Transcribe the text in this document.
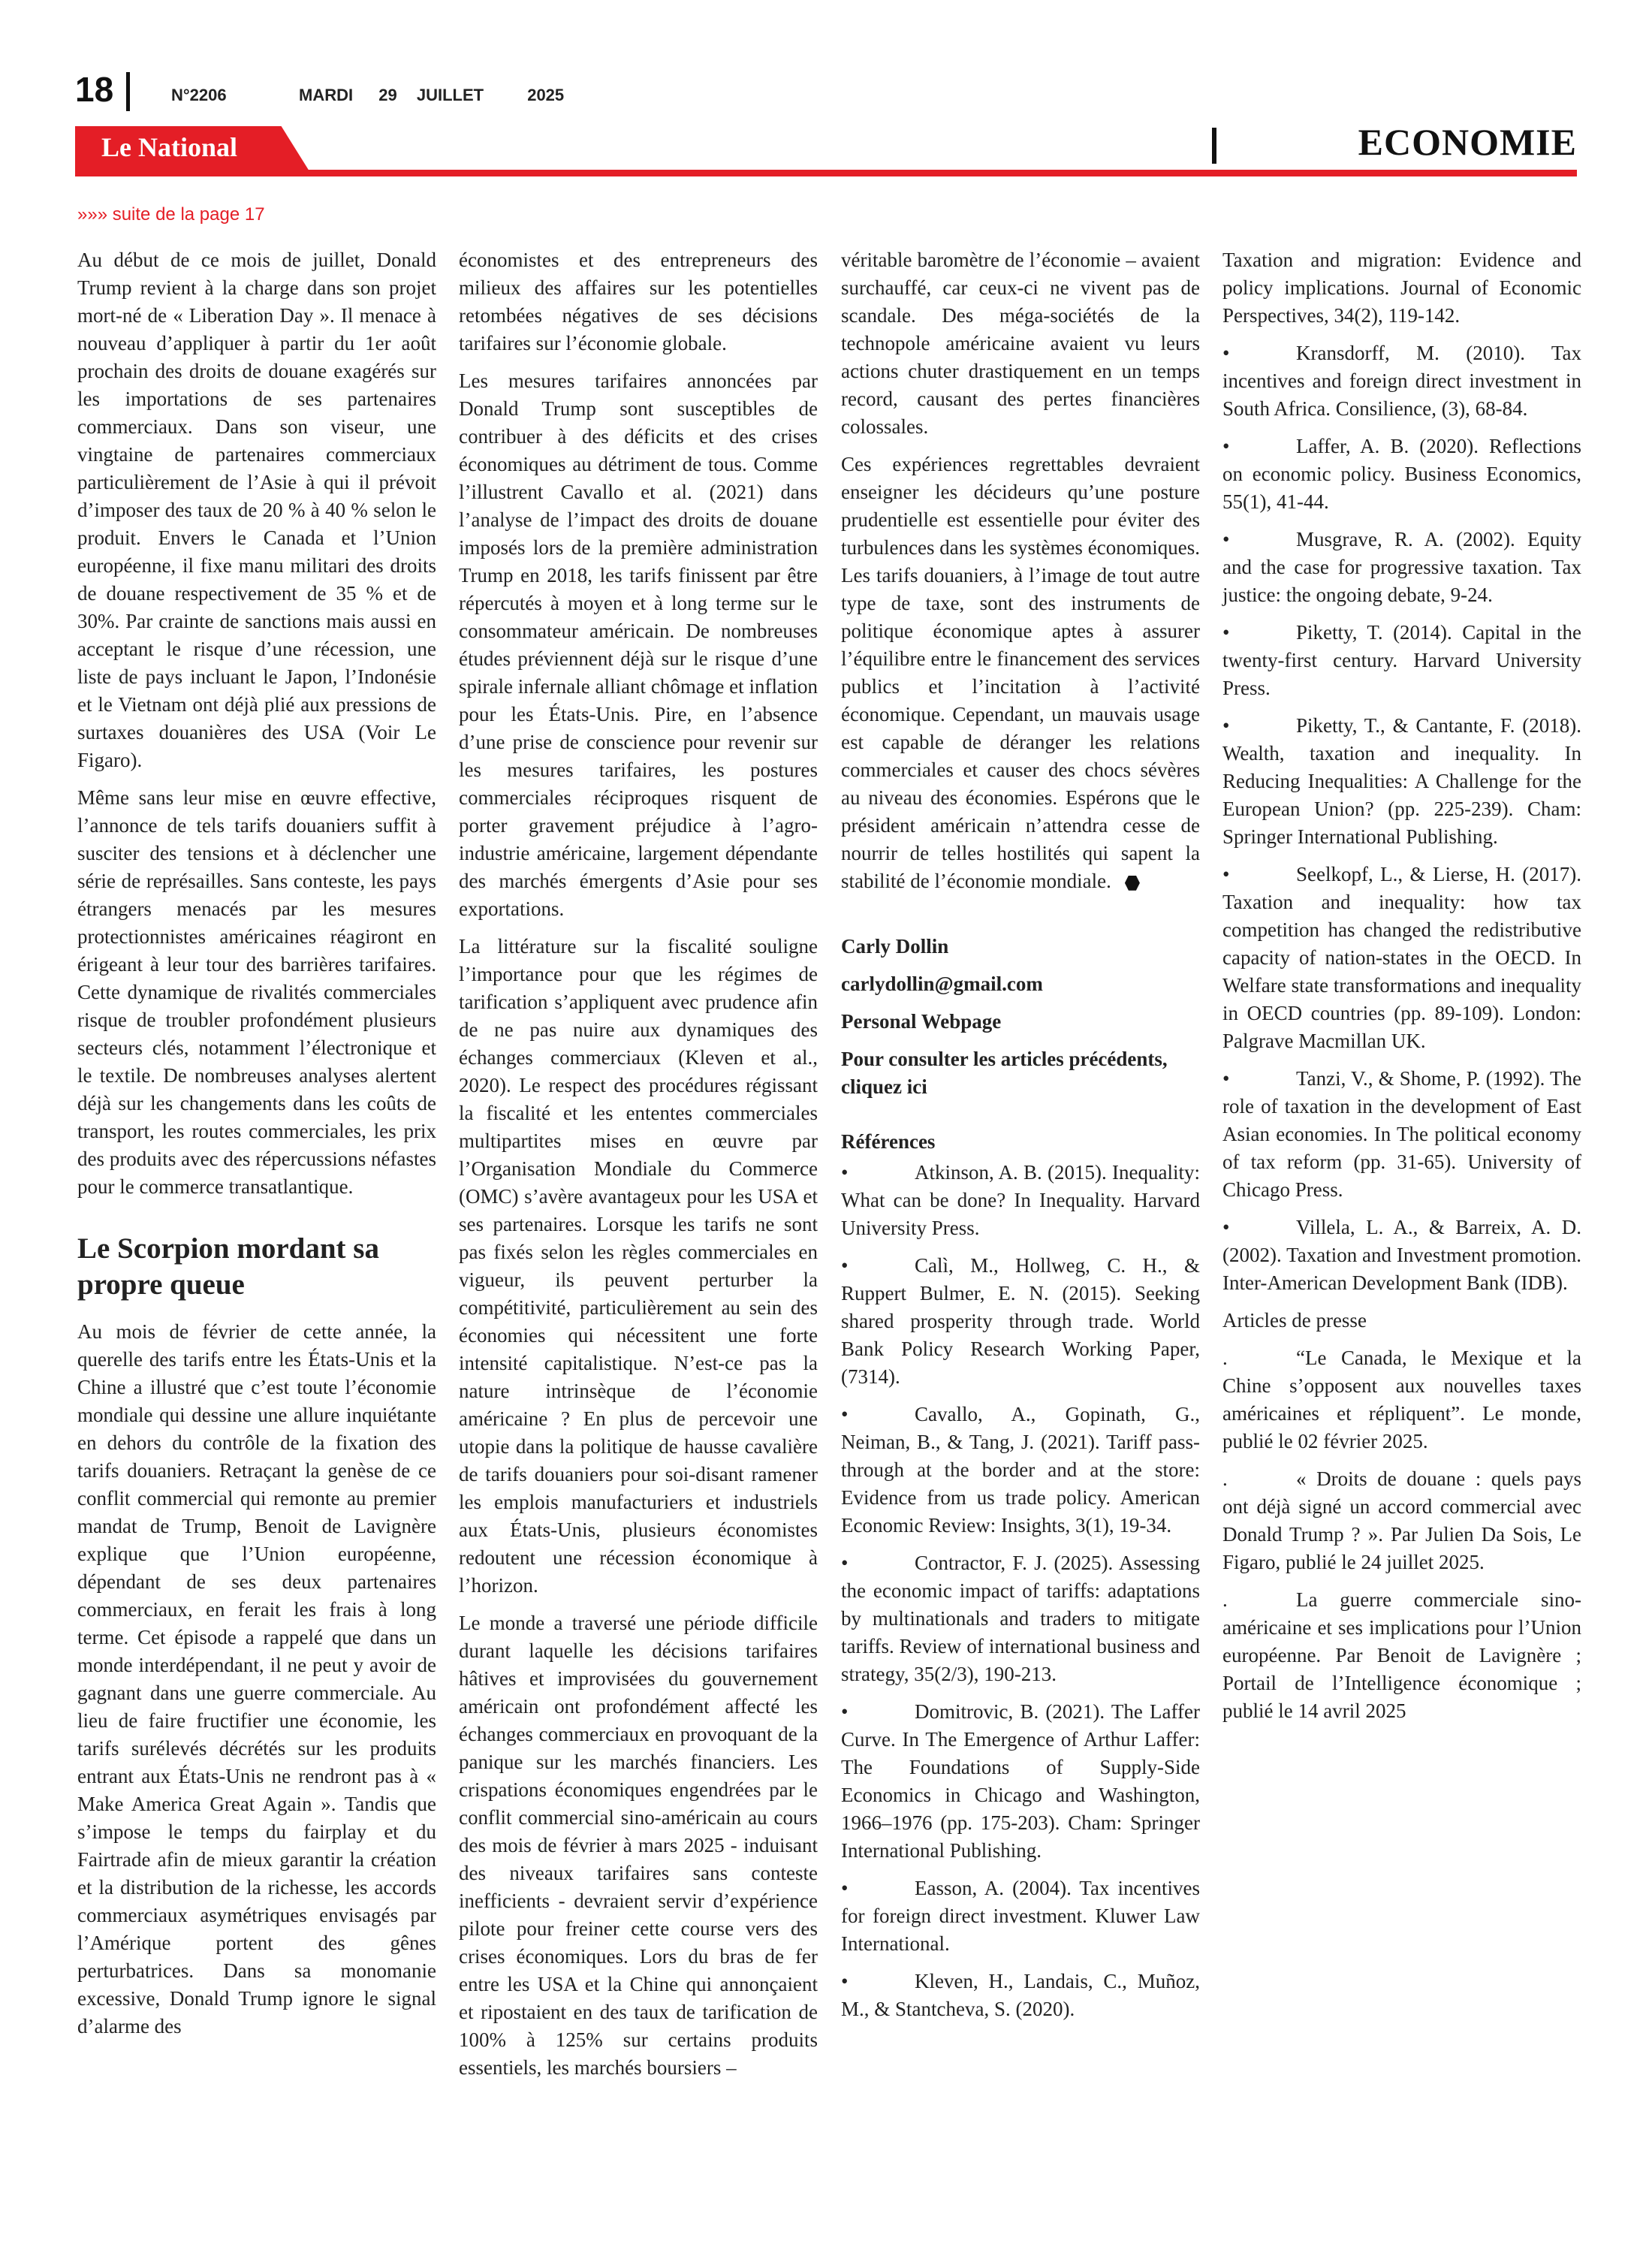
18	N°2206	MARDI 29 JUILLET	2025
Le National	ECONOMIE
»»» suite de la page 17

Au début de ce mois de juillet, Donald Trump revient à la charge dans son projet mort-né de « Liberation Day ». Il menace à nouveau d’appliquer à partir du 1er août prochain des droits de douane exagérés sur les importations de ses partenaires commerciaux. Dans son viseur, une vingtaine de partenaires commerciaux particulièrement de l’Asie à qui il prévoit d’imposer des taux de 20 % à 40 % selon le produit. Envers le Canada et l’Union européenne, il fixe manu militari des droits de douane respectivement de 35 % et de 30%. Par crainte de sanctions mais aussi en acceptant le risque d’une récession, une liste de pays incluant le Japon, l’Indonésie et le Vietnam ont déjà plié aux pressions de surtaxes douanières des USA (Voir Le Figaro).

Même sans leur mise en œuvre effective, l’annonce de tels tarifs douaniers suffit à susciter des tensions et à déclencher une série de représailles. Sans conteste, les pays étrangers menacés par les mesures protectionnistes américaines réagiront en érigeant à leur tour des barrières tarifaires. Cette dynamique de rivalités commerciales risque de troubler profondément plusieurs secteurs clés, notamment l’électronique et le textile. De nombreuses analyses alertent déjà sur les changements dans les coûts de transport, les routes commerciales, les prix des produits avec des répercussions néfastes pour le commerce transatlantique.

Le Scorpion mordant sa propre queue

Au mois de février de cette année, la querelle des tarifs entre les États-Unis et la Chine a illustré que c’est toute l’économie mondiale qui dessine une allure inquiétante en dehors du contrôle de la fixation des tarifs douaniers. Retraçant la genèse de ce conflit commercial qui remonte au premier mandat de Trump, Benoit de Lavignère explique que l’Union européenne, dépendant de ses deux partenaires commerciaux, en ferait les frais à long terme. Cet épisode a rappelé que dans un monde interdépendant, il ne peut y avoir de gagnant dans une guerre commerciale. Au lieu de faire fructifier une économie, les tarifs surélevés décrétés sur les produits entrant aux États-Unis ne rendront pas à « Make America Great Again ». Tandis que s’impose le temps du fairplay et du Fairtrade afin de mieux garantir la création et la distribution de la richesse, les accords commerciaux asymétriques envisagés par l’Amérique portent des gênes perturbatrices. Dans sa monomanie excessive, Donald Trump ignore le signal d’alarme des

économistes et des entrepreneurs des milieux des affaires sur les potentielles retombées négatives de ses décisions tarifaires sur l’économie globale.

Les mesures tarifaires annoncées par Donald Trump sont susceptibles de contribuer à des déficits et des crises économiques au détriment de tous. Comme l’illustrent Cavallo et al. (2021) dans l’analyse de l’impact des droits de douane imposés lors de la première administration Trump en 2018, les tarifs finissent par être répercutés à moyen et à long terme sur le consommateur américain. De nombreuses études préviennent déjà sur le risque d’une spirale infernale alliant chômage et inflation pour les États-Unis. Pire, en l’absence d’une prise de conscience pour revenir sur les mesures tarifaires, les postures commerciales réciproques risquent de porter gravement préjudice à l’agro-industrie américaine, largement dépendante des marchés émergents d’Asie pour ses exportations.

La littérature sur la fiscalité souligne l’importance pour que les régimes de tarification s’appliquent avec prudence afin de ne pas nuire aux dynamiques des échanges commerciaux (Kleven et al., 2020). Le respect des procédures régissant la fiscalité et les ententes commerciales multipartites mises en œuvre par l’Organisation Mondiale du Commerce (OMC) s’avère avantageux pour les USA et ses partenaires. Lorsque les tarifs ne sont pas fixés selon les règles commerciales en vigueur, ils peuvent perturber la compétitivité, particulièrement au sein des économies qui nécessitent une forte intensité capitalistique. N’est-ce pas la nature intrinsèque de l’économie américaine ? En plus de percevoir une utopie dans la politique de hausse cavalière de tarifs douaniers pour soi-disant ramener les emplois manufacturiers et industriels aux États-Unis, plusieurs économistes redoutent une récession économique à l’horizon.

Le monde a traversé une période difficile durant laquelle les décisions tarifaires hâtives et improvisées du gouvernement américain ont profondément affecté les échanges commerciaux en provoquant de la panique sur les marchés financiers. Les crispations économiques engendrées par le conflit commercial sino-américain au cours des mois de février à mars 2025 - induisant des niveaux tarifaires sans conteste inefficients - devraient servir d’expérience pilote pour freiner cette course vers des crises économiques. Lors du bras de fer entre les USA et la Chine qui annonçaient et ripostaient en des taux de tarification de 100% à 125% sur certains produits essentiels, les marchés boursiers –

véritable baromètre de l’économie – avaient surchauffé, car ceux-ci ne vivent pas de scandale. Des méga-sociétés de la technopole américaine avaient vu leurs actions chuter drastiquement en un temps record, causant des pertes financières colossales.

Ces expériences regrettables devraient enseigner les décideurs qu’une posture prudentielle est essentielle pour éviter des turbulences dans les systèmes économiques. Les tarifs douaniers, à l’image de tout autre type de taxe, sont des instruments de politique économique aptes à assurer l’équilibre entre le financement des services publics et l’incitation à l’activité économique. Cependant, un mauvais usage est capable de déranger les relations commerciales et causer des chocs sévères au niveau des économies. Espérons que le président américain n’attendra cesse de nourrir de telles hostilités qui sapent la stabilité de l’économie mondiale.

Carly Dollin

carlydollin@gmail.com

Personal Webpage

Pour consulter les articles précédents, cliquez ici

Références

•	Atkinson, A. B. (2015). Inequality: What can be done? In Inequality. Harvard University Press.

•	Calì, M., Hollweg, C. H., & Ruppert Bulmer, E. N. (2015). Seeking shared prosperity through trade. World Bank Policy Research Working Paper, (7314).

•	Cavallo, A., Gopinath, G., Neiman, B., & Tang, J. (2021). Tariff pass-through at the border and at the store: Evidence from us trade policy. American Economic Review: Insights, 3(1), 19-34.

•	Contractor, F. J. (2025). Assessing the economic impact of tariffs: adaptations by multinationals and traders to mitigate tariffs. Review of international business and strategy, 35(2/3), 190-213.

•	Domitrovic, B. (2021). The Laffer Curve. In The Emergence of Arthur Laffer: The Foundations of Supply-Side Economics in Chicago and Washington, 1966–1976 (pp. 175-203). Cham: Springer International Publishing.

•	Easson, A. (2004). Tax incentives for foreign direct investment. Kluwer Law International.

•	Kleven, H., Landais, C., Muñoz, M., & Stantcheva, S. (2020).

Taxation and migration: Evidence and policy implications. Journal of Economic Perspectives, 34(2), 119-142.

•	Kransdorff, M. (2010). Tax incentives and foreign direct investment in South Africa. Consilience, (3), 68-84.

•	Laffer, A. B. (2020). Reflections on economic policy. Business Economics, 55(1), 41-44.

•	Musgrave, R. A. (2002). Equity and the case for progressive taxation. Tax justice: the ongoing debate, 9-24.

•	Piketty, T. (2014). Capital in the twenty-first century. Harvard University Press.

•	Piketty, T., & Cantante, F. (2018). Wealth, taxation and inequality. In Reducing Inequalities: A Challenge for the European Union? (pp. 225-239). Cham: Springer International Publishing.

•	Seelkopf, L., & Lierse, H. (2017). Taxation and inequality: how tax competition has changed the redistributive capacity of nation-states in the OECD. In Welfare state transformations and inequality in OECD countries (pp. 89-109). London: Palgrave Macmillan UK.

•	Tanzi, V., & Shome, P. (1992). The role of taxation in the development of East Asian economies. In The political economy of tax reform (pp. 31-65). University of Chicago Press.

•	Villela, L. A., & Barreix, A. D. (2002). Taxation and Investment promotion. Inter-American Development Bank (IDB).

Articles de presse

.	“Le Canada, le Mexique et la Chine s’opposent aux nouvelles taxes américaines et répliquent”. Le monde, publié le 02 février 2025.

.	« Droits de douane : quels pays ont déjà signé un accord commercial avec Donald Trump ? ». Par Julien Da Sois, Le Figaro, publié le 24 juillet 2025.

.	La guerre commerciale sino-américaine et ses implications pour l’Union européenne. Par Benoit de Lavignère ; Portail de l’Intelligence économique ; publié le 14 avril 2025
